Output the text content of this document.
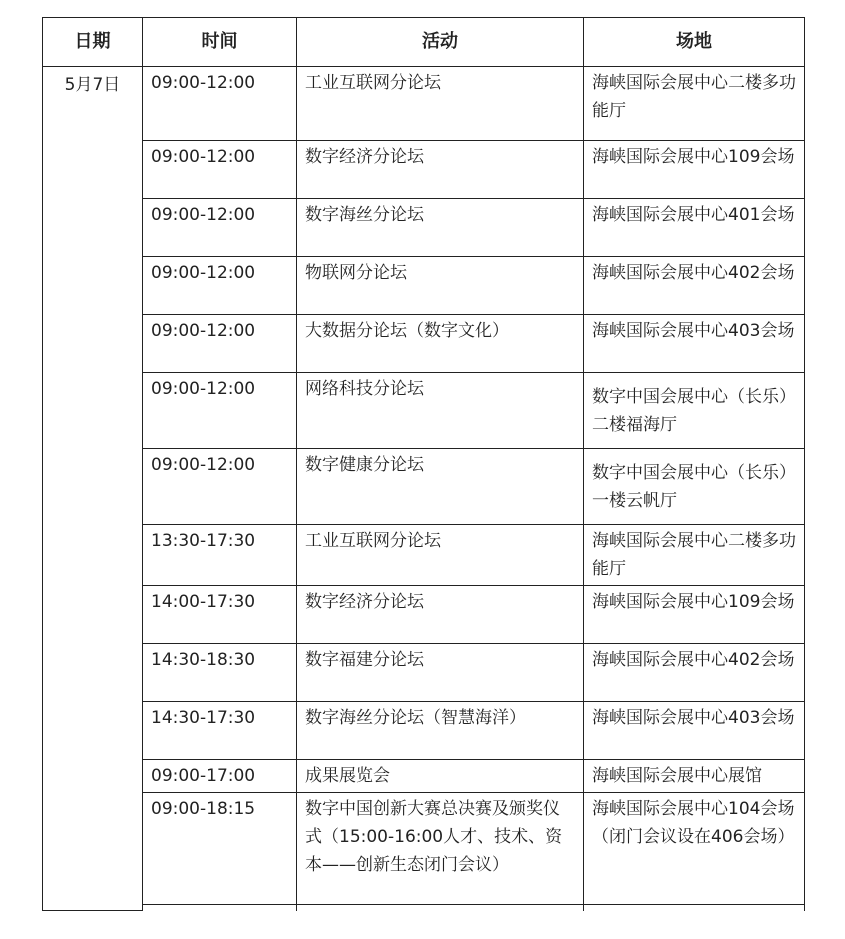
日期	时间	活动	场地
5月7日	09:00-12:00	工业互联网分论坛	海峡国际会展中心二楼多功能厅
	09:00-12:00	数字经济分论坛	海峡国际会展中心109会场
	09:00-12:00	数字海丝分论坛	海峡国际会展中心401会场
	09:00-12:00	物联网分论坛	海峡国际会展中心402会场
	09:00-12:00	大数据分论坛（数字文化）	海峡国际会展中心403会场
	09:00-12:00	网络科技分论坛	数字中国会展中心（长乐）二楼福海厅
	09:00-12:00	数字健康分论坛	数字中国会展中心（长乐）一楼云帆厅
	13:30-17:30	工业互联网分论坛	海峡国际会展中心二楼多功能厅
	14:00-17:30	数字经济分论坛	海峡国际会展中心109会场
	14:30-18:30	数字福建分论坛	海峡国际会展中心402会场
	14:30-17:30	数字海丝分论坛（智慧海洋）	海峡国际会展中心403会场
	09:00-17:00	成果展览会	海峡国际会展中心展馆
	09:00-18:15	数字中国创新大赛总决赛及颁奖仪式（15:00-16:00人才、技术、资本——创新生态闭门会议）	海峡国际会展中心104会场（闭门会议设在406会场）
